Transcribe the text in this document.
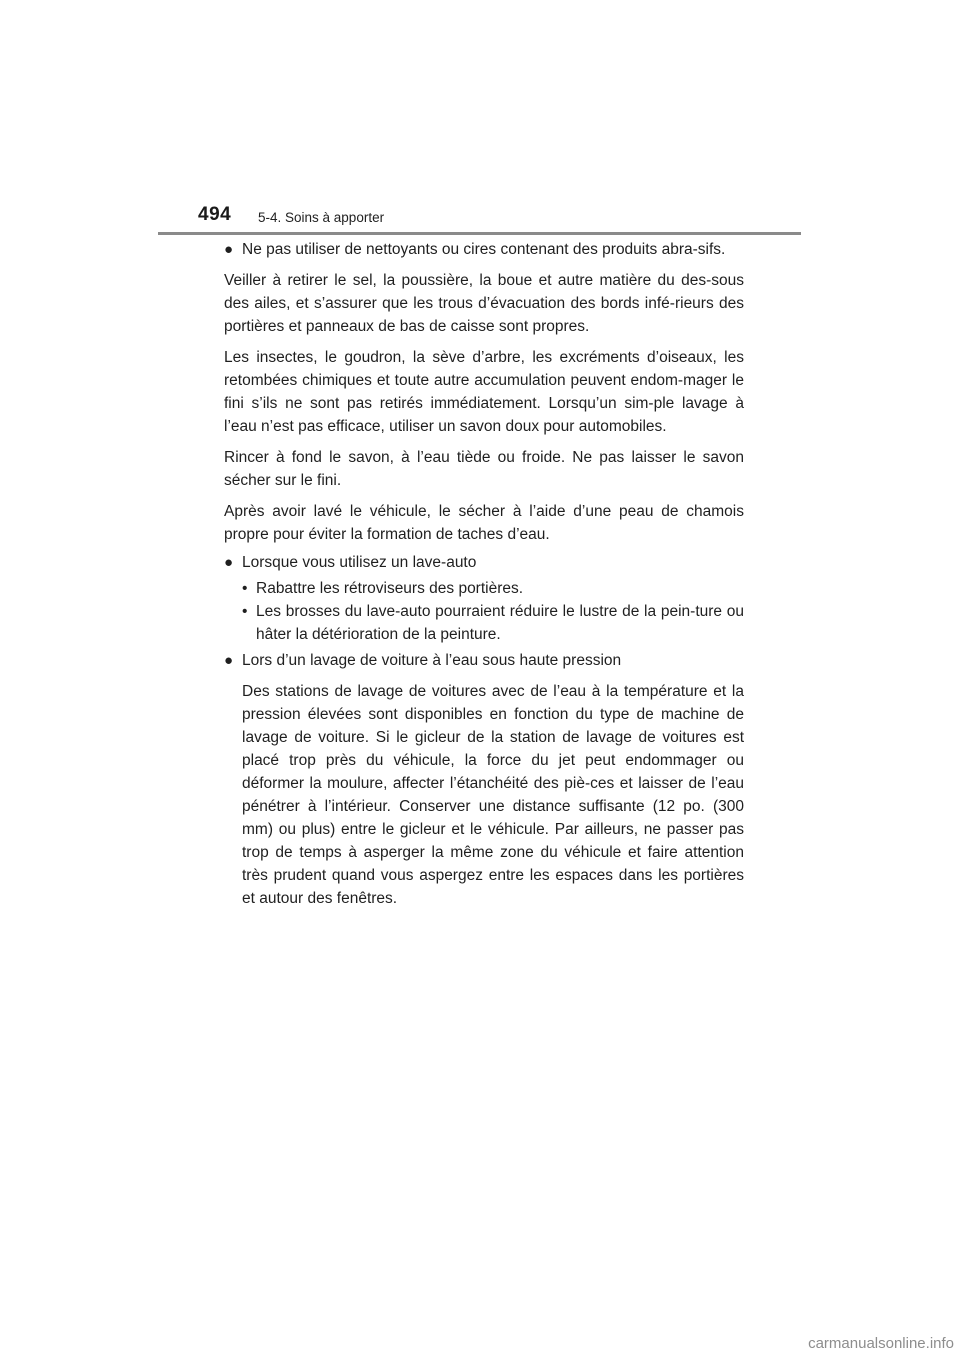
494 5-4. Soins à apporter
● Ne pas utiliser de nettoyants ou cires contenant des produits abra-sifs.

Veiller à retirer le sel, la poussière, la boue et autre matière du des-sous des ailes, et s’assurer que les trous d’évacuation des bords infé-rieurs des portières et panneaux de bas de caisse sont propres.

Les insectes, le goudron, la sève d’arbre, les excréments d’oiseaux, les retombées chimiques et toute autre accumulation peuvent endom-mager le fini s’ils ne sont pas retirés immédiatement. Lorsqu’un sim-ple lavage à l’eau n’est pas efficace, utiliser un savon doux pour automobiles.

Rincer à fond le savon, à l’eau tiède ou froide. Ne pas laisser le savon sécher sur le fini.

Après avoir lavé le véhicule, le sécher à l’aide d’une peau de chamois propre pour éviter la formation de taches d’eau.

● Lorsque vous utilisez un lave-auto

• Rabattre les rétroviseurs des portières.

• Les brosses du lave-auto pourraient réduire le lustre de la pein-ture ou hâter la détérioration de la peinture.

● Lors d’un lavage de voiture à l’eau sous haute pression

Des stations de lavage de voitures avec de l’eau à la température et la pression élevées sont disponibles en fonction du type de machine de lavage de voiture. Si le gicleur de la station de lavage de voitures est placé trop près du véhicule, la force du jet peut endommager ou déformer la moulure, affecter l’étanchéité des piè-ces et laisser de l’eau pénétrer à l’intérieur. Conserver une distance suffisante (12 po. (300 mm) ou plus) entre le gicleur et le véhicule. Par ailleurs, ne passer pas trop de temps à asperger la même zone du véhicule et faire attention très prudent quand vous aspergez entre les espaces dans les portières et autour des fenêtres.

carmanualsonline.info
